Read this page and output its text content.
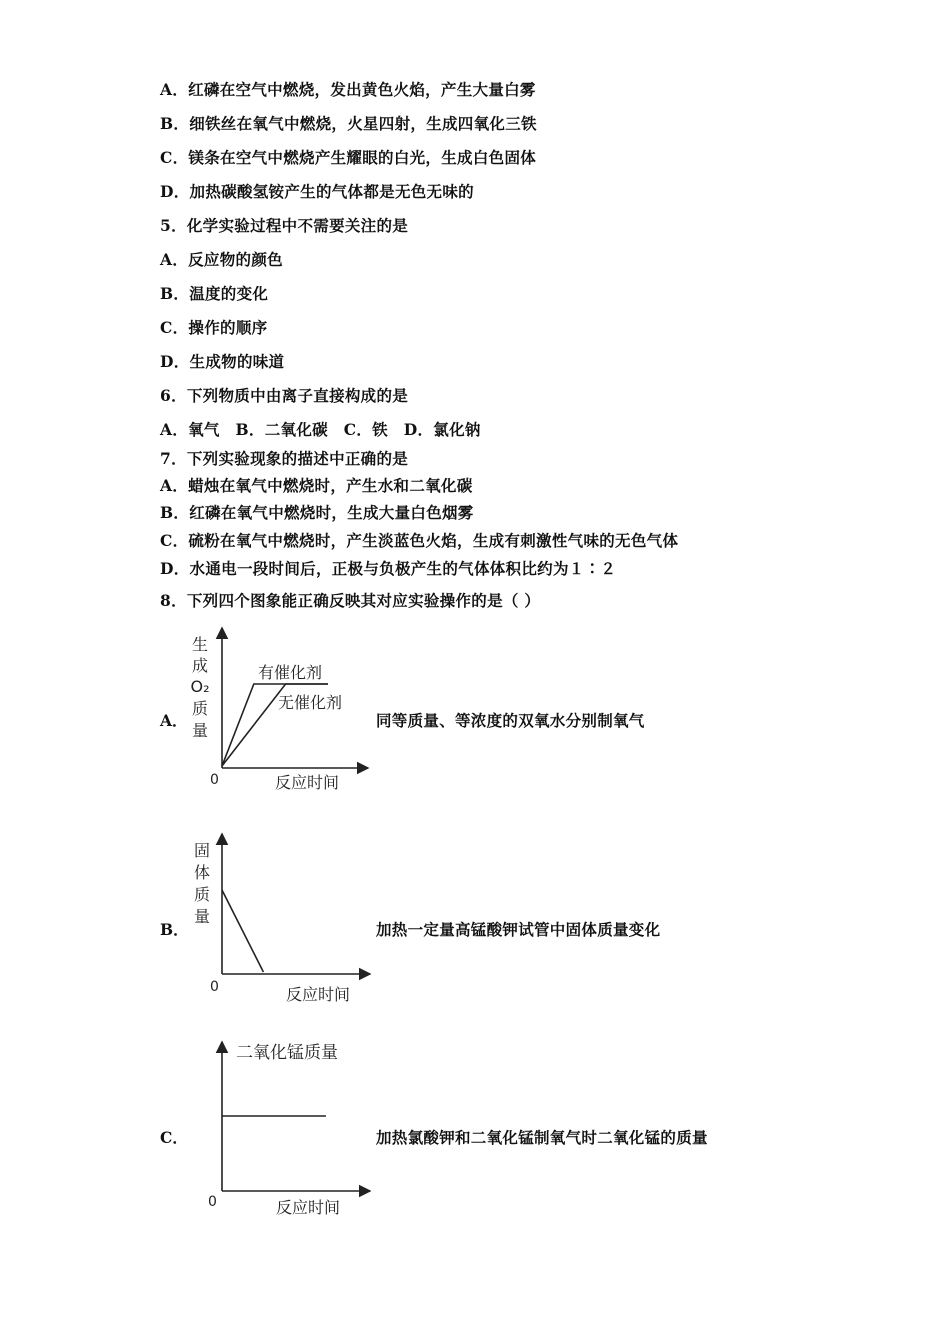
A．红磷在空气中燃烧，发出黄色火焰，产生大量白雾
B．细铁丝在氧气中燃烧，火星四射，生成四氧化三铁
C．镁条在空气中燃烧产生耀眼的白光，生成白色固体
D．加热碳酸氢铵产生的气体都是无色无味的
5．化学实验过程中不需要关注的是
A．反应物的颜色
B．温度的变化
C．操作的顺序
D．生成物的味道
6．下列物质中由离子直接构成的是
A．氧气　B．二氧化碳　C．铁　D．氯化钠
7．下列实验现象的描述中正确的是
A．蜡烛在氧气中燃烧时，产生水和二氧化碳
B．红磷在氧气中燃烧时，生成大量白色烟雾
C．硫粉在氧气中燃烧时，产生淡蓝色火焰，生成有刺激性气味的无色气体
D．水通电一段时间后，正极与负极产生的气体体积比约为１∶２
8．下列四个图象能正确反映其对应实验操作的是（ ）
A．
生
成
O₂
质
量
0	反应时间
有催化剂
无催化剂
同等质量、等浓度的双氧水分别制氧气
B．
固
体
质
量
0	反应时间
加热一定量高锰酸钾试管中固体质量变化
C．
二氧化锰质量
0	反应时间
加热氯酸钾和二氧化锰制氧气时二氧化锰的质量
